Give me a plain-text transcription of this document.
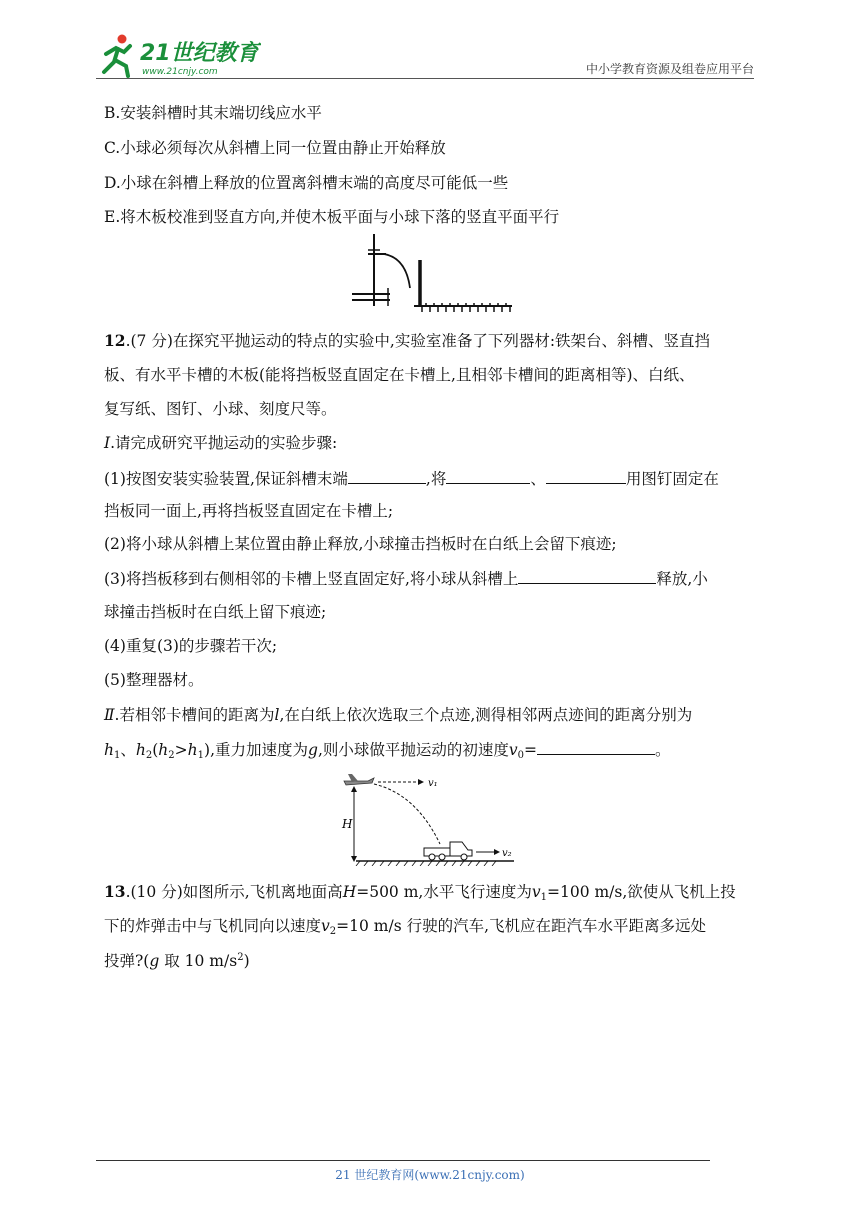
21世纪教育
www.21cnjy.com	中小学教育资源及组卷应用平台
B.安装斜槽时其末端切线应水平
C.小球必须每次从斜槽上同一位置由静止开始释放
D.小球在斜槽上释放的位置离斜槽末端的高度尽可能低一些
E.将木板校准到竖直方向,并使木板平面与小球下落的竖直平面平行
12.(7 分)在探究平抛运动的特点的实验中,实验室准备了下列器材:铁架台、斜槽、竖直挡
板、有水平卡槽的木板(能将挡板竖直固定在卡槽上,且相邻卡槽间的距离相等)、白纸、
复写纸、图钉、小球、刻度尺等。
Ⅰ.请完成研究平抛运动的实验步骤:
(1)按图安装实验装置,保证斜槽末端	,将	、	用图钉固定在
挡板同一面上,再将挡板竖直固定在卡槽上;
(2)将小球从斜槽上某位置由静止释放,小球撞击挡板时在白纸上会留下痕迹;
(3)将挡板移到右侧相邻的卡槽上竖直固定好,将小球从斜槽上	释放,小
球撞击挡板时在白纸上留下痕迹;
(4)重复(3)的步骤若干次;
(5)整理器材。
Ⅱ.若相邻卡槽间的距离为l,在白纸上依次选取三个点迹,测得相邻两点迹间的距离分别为
$h_1$、$h_2(h_2>h_1)$,重力加速度为g,则小球做平抛运动的初速度$v_0=$	。
v₁
H
v₂
13.(10 分)如图所示,飞机离地面高H=500 m,水平飞行速度为$v_1=100$ m/s,欲使从飞机上投
下的炸弹击中与飞机同向以速度$v_2=10$ m/s 行驶的汽车,飞机应在距汽车水平距离多远处
投弹?(g 取 10 $m/s^2$)
21 世纪教育网(www.21cnjy.com)
